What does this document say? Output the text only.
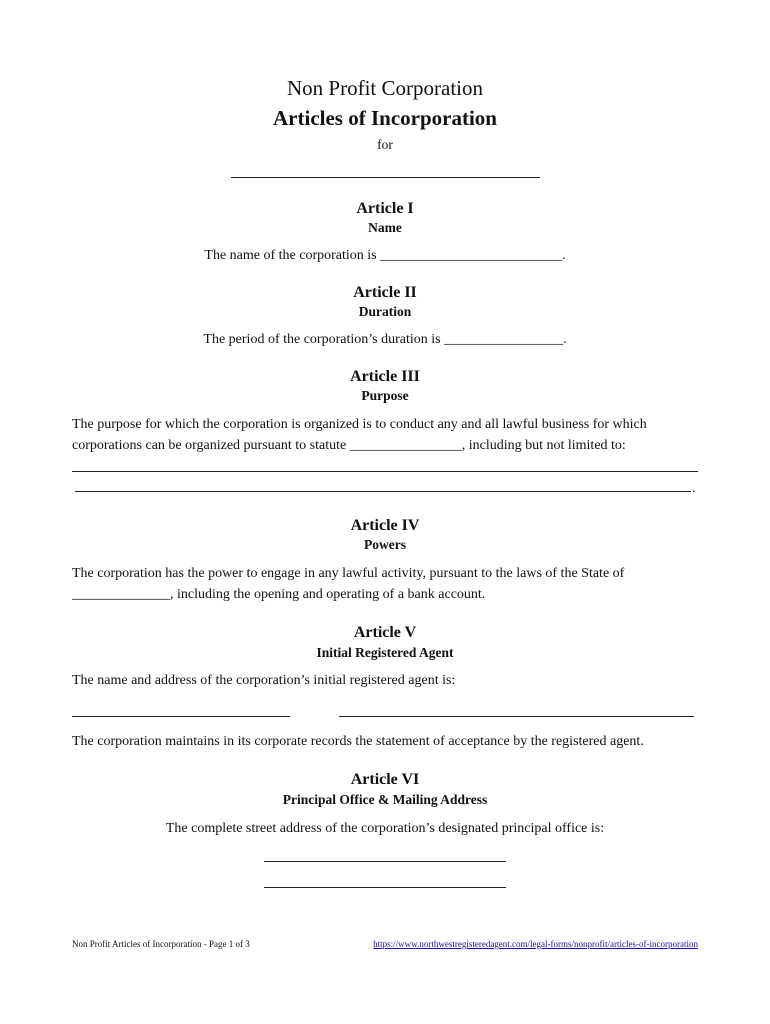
Non Profit Corporation
Articles of Incorporation
for
Article I
Name
The name of the corporation is __________________________.
Article II
Duration
The period of the corporation’s duration is _________________.
Article III
Purpose
The purpose for which the corporation is organized is to conduct any and all lawful business for which
corporations can be organized pursuant to statute ________________, including but not limited to:
.
Article IV
Powers
The corporation has the power to engage in any lawful activity, pursuant to the laws of the State of
______________, including the opening and operating of a bank account.
Article V
Initial Registered Agent
The name and address of the corporation’s initial registered agent is:
The corporation maintains in its corporate records the statement of acceptance by the registered agent.
Article VI
Principal Office & Mailing Address
The complete street address of the corporation’s designated principal office is:
Non Profit Articles of Incorporation - Page 1 of 3	https://www.northwestregisteredagent.com/legal-forms/nonprofit/articles-of-incorporation
